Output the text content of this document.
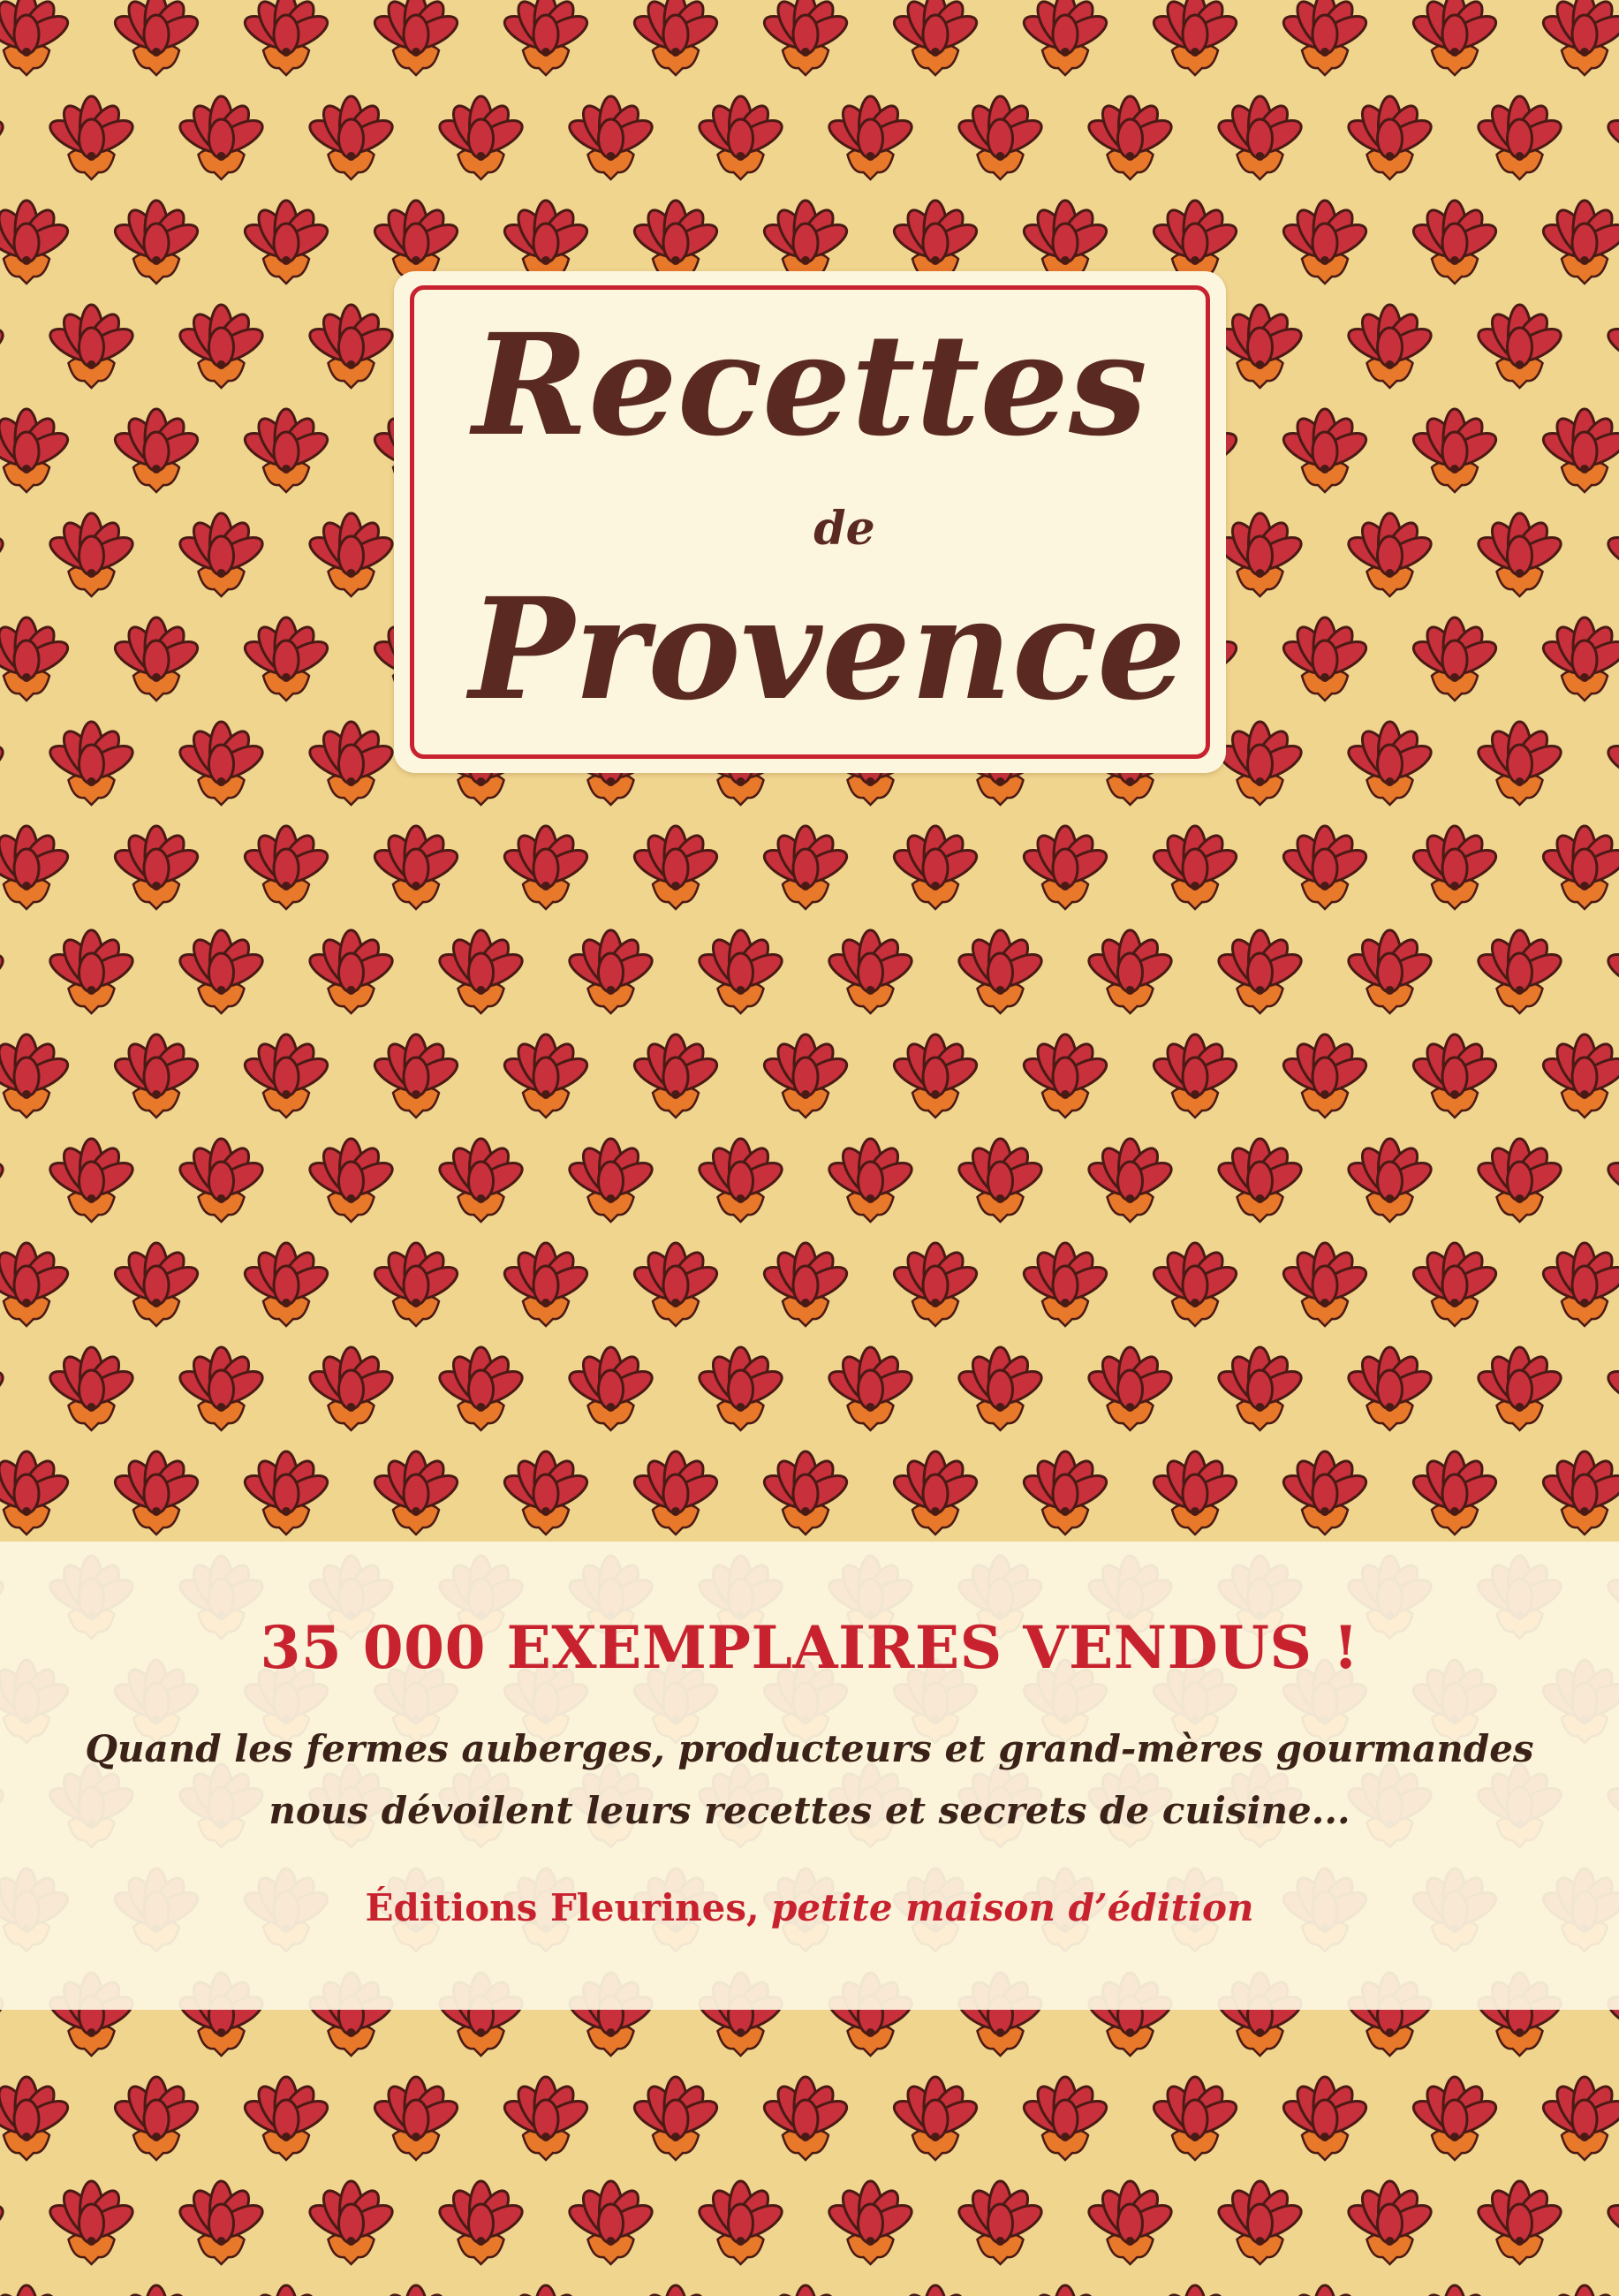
Recettes
de
Provence
35 000 EXEMPLAIRES VENDUS !
Quand les fermes auberges, producteurs et grand-mères gourmandes
nous dévoilent leurs recettes et secrets de cuisine...
Éditions Fleurines, petite maison d’édition
